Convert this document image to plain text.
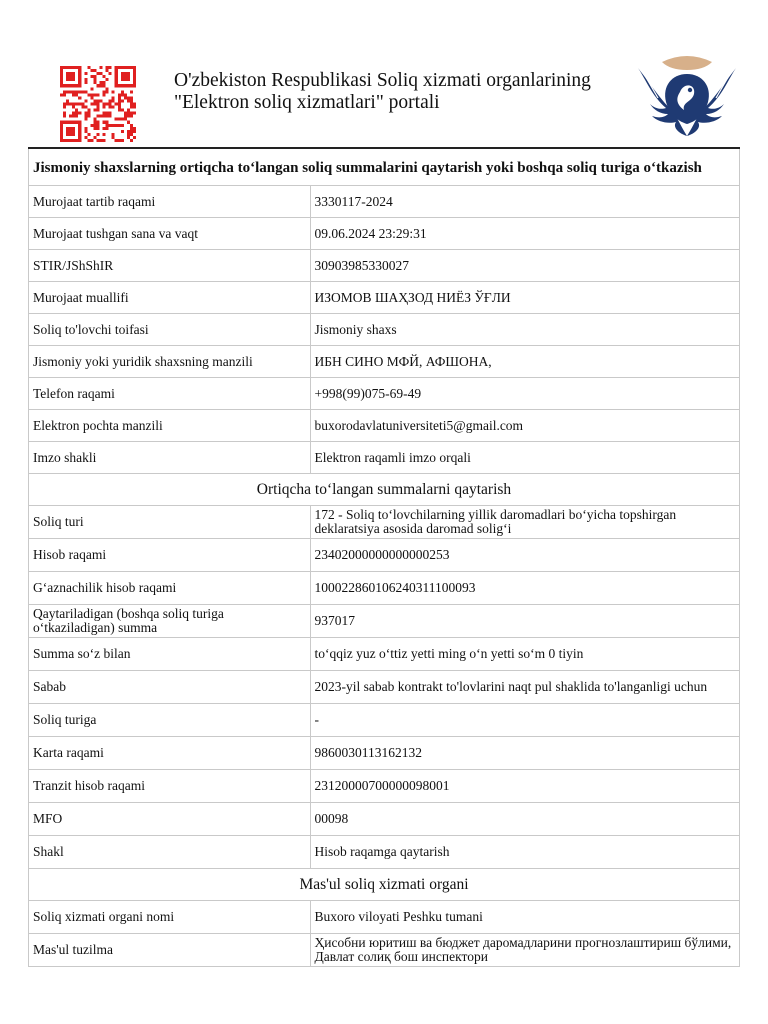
O'zbekiston Respublikasi Soliq xizmati organlarining "Elektron soliq xizmatlari" portali
Jismoniy shaxslarning ortiqcha to‘langan soliq summalarini qaytarish yoki boshqa soliq turiga o‘tkazish	
Murojaat tartib raqami	3330117-2024
Murojaat tushgan sana va vaqt	09.06.2024 23:29:31
STIR/JShShIR	30903985330027
Murojaat muallifi	ИЗОМОВ ШАҲЗОД НИЁЗ ЎҒЛИ
Soliq to'lovchi toifasi	Jismoniy shaxs
Jismoniy yoki yuridik shaxsning manzili	ИБН СИНО МФЙ, АФШОНА,
Telefon raqami	+998(99)075-69-49
Elektron pochta manzili	buxorodavlatuniversiteti5@gmail.com
Imzo shakli	Elektron raqamli imzo orqali
Ortiqcha to‘langan summalarni qaytarish	
Soliq turi	172 - Soliq to‘lovchilarning yillik daromadlari bo‘yicha topshirgan deklaratsiya asosida daromad solig‘i
Hisob raqami	23402000000000000253
G‘aznachilik hisob raqami	100022860106240311100093
Qaytariladigan (boshqa soliq turiga o‘tkaziladigan) summa	937017
Summa so‘z bilan	to‘qqiz yuz o‘ttiz yetti ming o‘n yetti so‘m 0 tiyin
Sabab	2023-yil sabab kontrakt to'lovlarini naqt pul shaklida to'langanligi uchun
Soliq turiga	-
Karta raqami	9860030113162132
Tranzit hisob raqami	23120000700000098001
MFO	00098
Shakl	Hisob raqamga qaytarish
Mas'ul soliq xizmati organi	
Soliq xizmati organi nomi	Buxoro viloyati Peshku tumani
Mas'ul tuzilma	Ҳисобни юритиш ва бюджет даромадларини прогнозлаштириш бўлими, Давлат солиқ бош инспектори
